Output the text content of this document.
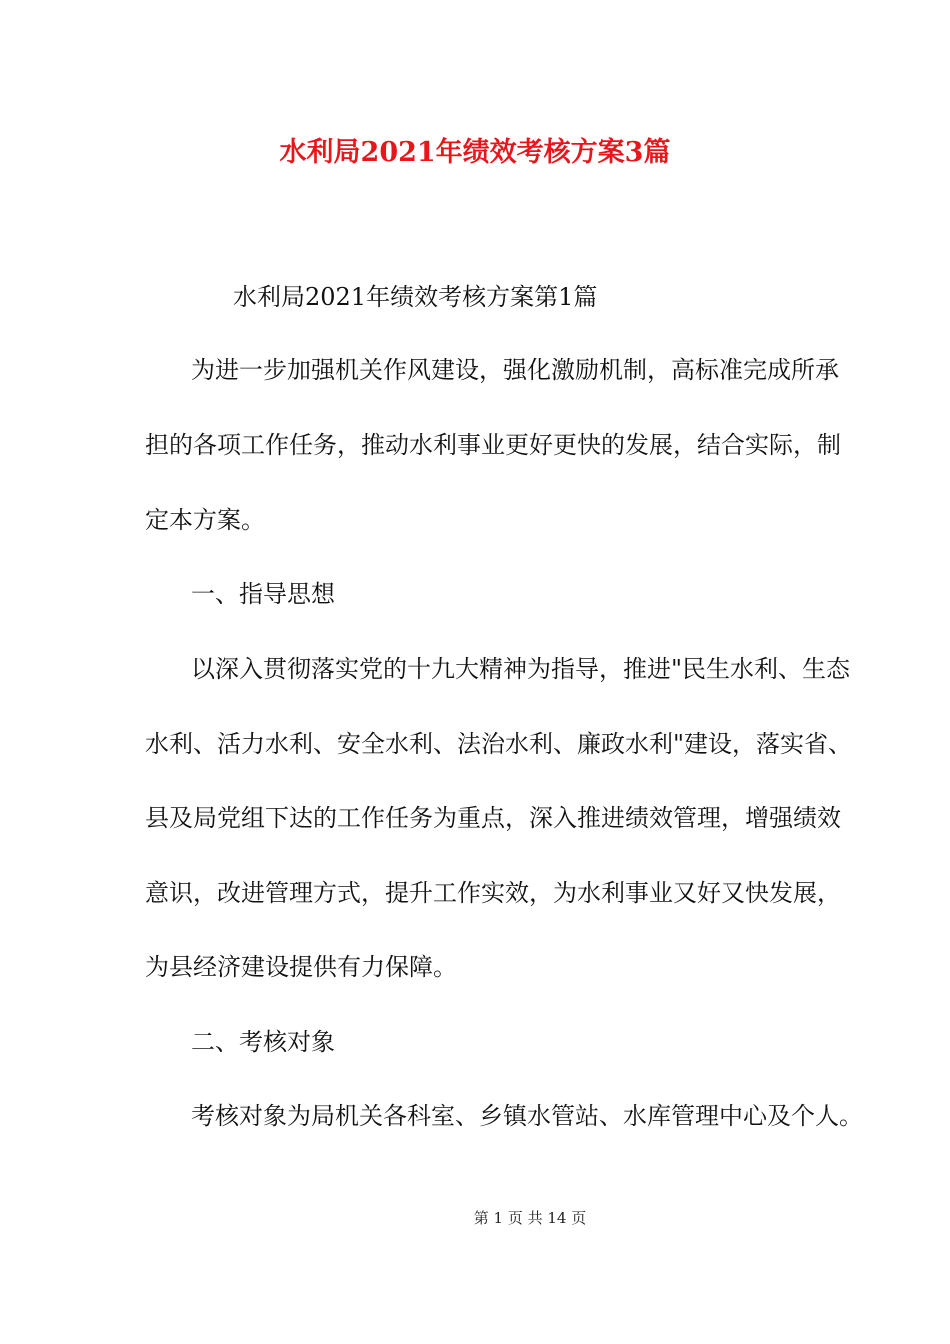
水利局2021年绩效考核方案3篇
水利局2021年绩效考核方案第1篇
为进一步加强机关作风建设，强化激励机制，高标准完成所承
担的各项工作任务，推动水利事业更好更快的发展，结合实际，制
定本方案。
一、指导思想
以深入贯彻落实党的十九大精神为指导，推进"民生水利、生态
水利、活力水利、安全水利、法治水利、廉政水利"建设，落实省、
县及局党组下达的工作任务为重点，深入推进绩效管理，增强绩效
意识，改进管理方式，提升工作实效，为水利事业又好又快发展，
为县经济建设提供有力保障。
二、考核对象
考核对象为局机关各科室、乡镇水管站、水库管理中心及个人。
第 1 页 共 14 页
